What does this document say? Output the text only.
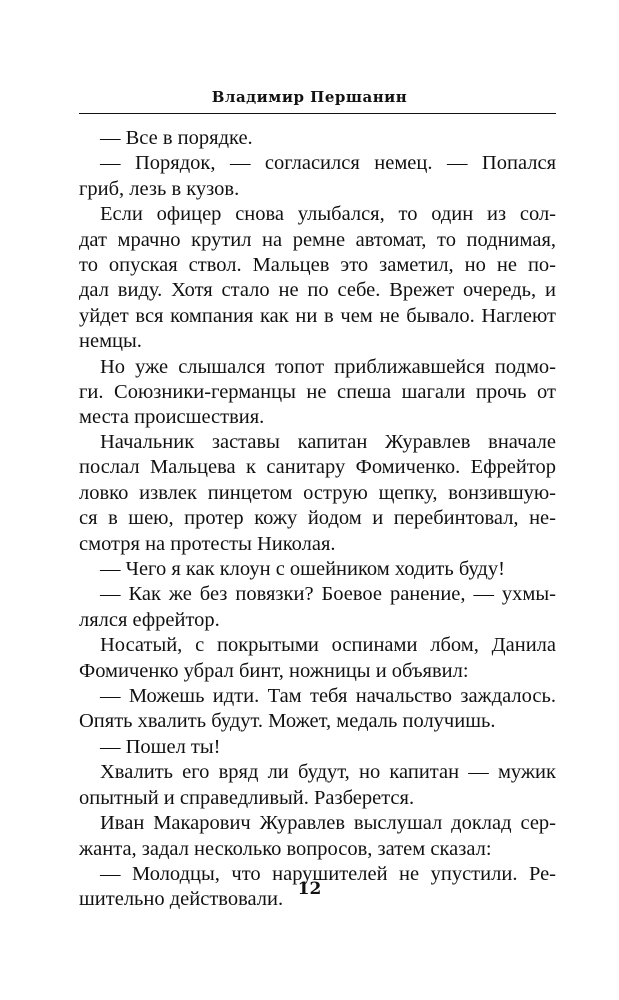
Владимир Першанин
— Все в порядке.
— Порядок, — согласился немец. — Попался
гриб, лезь в кузов.
Если офицер снова улыбался, то один из сол-
дат мрачно крутил на ремне автомат, то поднимая,
то опуская ствол. Мальцев это заметил, но не по-
дал виду. Хотя стало не по себе. Врежет очередь, и
уйдет вся компания как ни в чем не бывало. Наглеют
немцы.
Но уже слышался топот приближавшейся подмо-
ги. Союзники-германцы не спеша шагали прочь от
места происшествия.
Начальник заставы капитан Журавлев вначале
послал Мальцева к санитару Фомиченко. Ефрейтор
ловко извлек пинцетом острую щепку, вонзившую-
ся в шею, протер кожу йодом и перебинтовал, не-
смотря на протесты Николая.
— Чего я как клоун с ошейником ходить буду!
— Как же без повязки? Боевое ранение, — ухмы-
лялся ефрейтор.
Носатый, с покрытыми оспинами лбом, Данила
Фомиченко убрал бинт, ножницы и объявил:
— Можешь идти. Там тебя начальство заждалось.
Опять хвалить будут. Может, медаль получишь.
— Пошел ты!
Хвалить его вряд ли будут, но капитан — мужик
опытный и справедливый. Разберется.
Иван Макарович Журавлев выслушал доклад сер-
жанта, задал несколько вопросов, затем сказал:
— Молодцы, что нарушителей не упустили. Ре-
шительно действовали. 12
